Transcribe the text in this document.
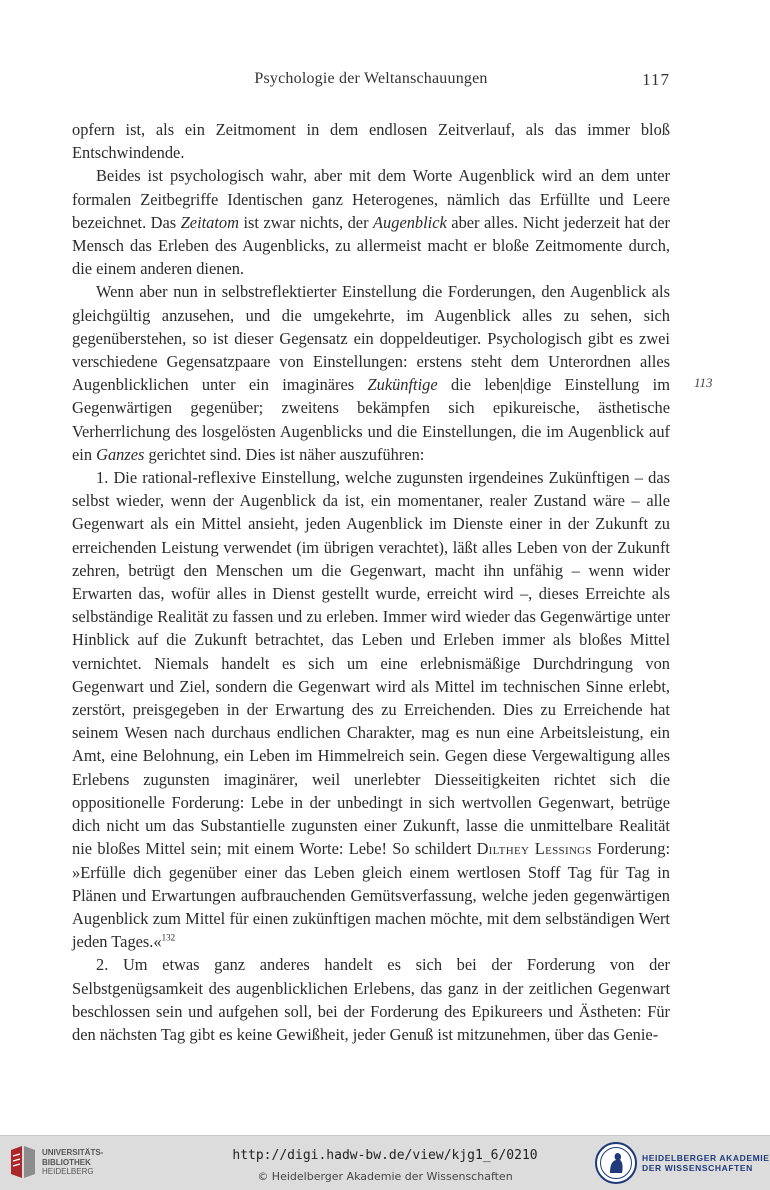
Psychologie der Weltanschauungen	117

opfern ist, als ein Zeitmoment in dem endlosen Zeitverlauf, als das immer bloß Entschwindende.

Beides ist psychologisch wahr, aber mit dem Worte Augenblick wird an dem unter formalen Zeitbegriffe Identischen ganz Heterogenes, nämlich das Erfüllte und Leere bezeichnet. Das Zeitatom ist zwar nichts, der Augenblick aber alles. Nicht jederzeit hat der Mensch das Erleben des Augenblicks, zu allermeist macht er bloße Zeitmomente durch, die einem anderen dienen.

Wenn aber nun in selbstreflektierter Einstellung die Forderungen, den Augenblick als gleichgültig anzusehen, und die umgekehrte, im Augenblick alles zu sehen, sich gegenüberstehen, so ist dieser Gegensatz ein doppeldeutiger. Psychologisch gibt es zwei verschiedene Gegensatzpaare von Einstellungen: erstens steht dem Unterordnen alles Augenblicklichen unter ein imaginäres Zukünftige die leben|dige Einstellung im Gegenwärtigen gegenüber; zweitens bekämpfen sich epikureische, ästhetische Verherrlichung des losgelösten Augenblicks und die Einstellungen, die im Augenblick auf ein Ganzes gerichtet sind. Dies ist näher auszuführen:

1. Die rational-reflexive Einstellung, welche zugunsten irgendeines Zukünftigen – das selbst wieder, wenn der Augenblick da ist, ein momentaner, realer Zustand wäre – alle Gegenwart als ein Mittel ansieht, jeden Augenblick im Dienste einer in der Zukunft zu erreichenden Leistung verwendet (im übrigen verachtet), läßt alles Leben von der Zukunft zehren, betrügt den Menschen um die Gegenwart, macht ihn unfähig – wenn wider Erwarten das, wofür alles in Dienst gestellt wurde, erreicht wird –, dieses Erreichte als selbständige Realität zu fassen und zu erleben. Immer wird wieder das Gegenwärtige unter Hinblick auf die Zukunft betrachtet, das Leben und Erleben immer als bloßes Mittel vernichtet. Niemals handelt es sich um eine erlebnismäßige Durchdringung von Gegenwart und Ziel, sondern die Gegenwart wird als Mittel im technischen Sinne erlebt, zerstört, preisgegeben in der Erwartung des zu Erreichenden. Dies zu Erreichende hat seinem Wesen nach durchaus endlichen Charakter, mag es nun eine Arbeitsleistung, ein Amt, eine Belohnung, ein Leben im Himmelreich sein. Gegen diese Vergewaltigung alles Erlebens zugunsten imaginärer, weil unerlebter Diesseitigkeiten richtet sich die oppositionelle Forderung: Lebe in der unbedingt in sich wertvollen Gegenwart, betrüge dich nicht um das Substantielle zugunsten einer Zukunft, lasse die unmittelbare Realität nie bloßes Mittel sein; mit einem Worte: Lebe! So schildert Dilthey Lessings Forderung: »Erfülle dich gegenüber einer das Leben gleich einem wertlosen Stoff Tag für Tag in Plänen und Erwartungen aufbrauchenden Gemütsverfassung, welche jeden gegenwärtigen Augenblick zum Mittel für einen zukünftigen machen möchte, mit dem selbständigen Wert jeden Tages.«$^{132}$

2. Um etwas ganz anderes handelt es sich bei der Forderung von der Selbstgenügsamkeit des augenblicklichen Erlebens, das ganz in der zeitlichen Gegenwart beschlossen sein und aufgehen soll, bei der Forderung des Epikureers und Ästheten: Für den nächsten Tag gibt es keine Gewißheit, jeder Genuß ist mitzunehmen, über das Genie-

113
UNIVERSITÄTS-
BIBLIOTHEK
HEIDELBERG
http://digi.hadw-bw.de/view/kjg1_6/0210
© Heidelberger Akademie der Wissenschaften
HEIDELBERGER AKADEMIE
DER WISSENSCHAFTEN
